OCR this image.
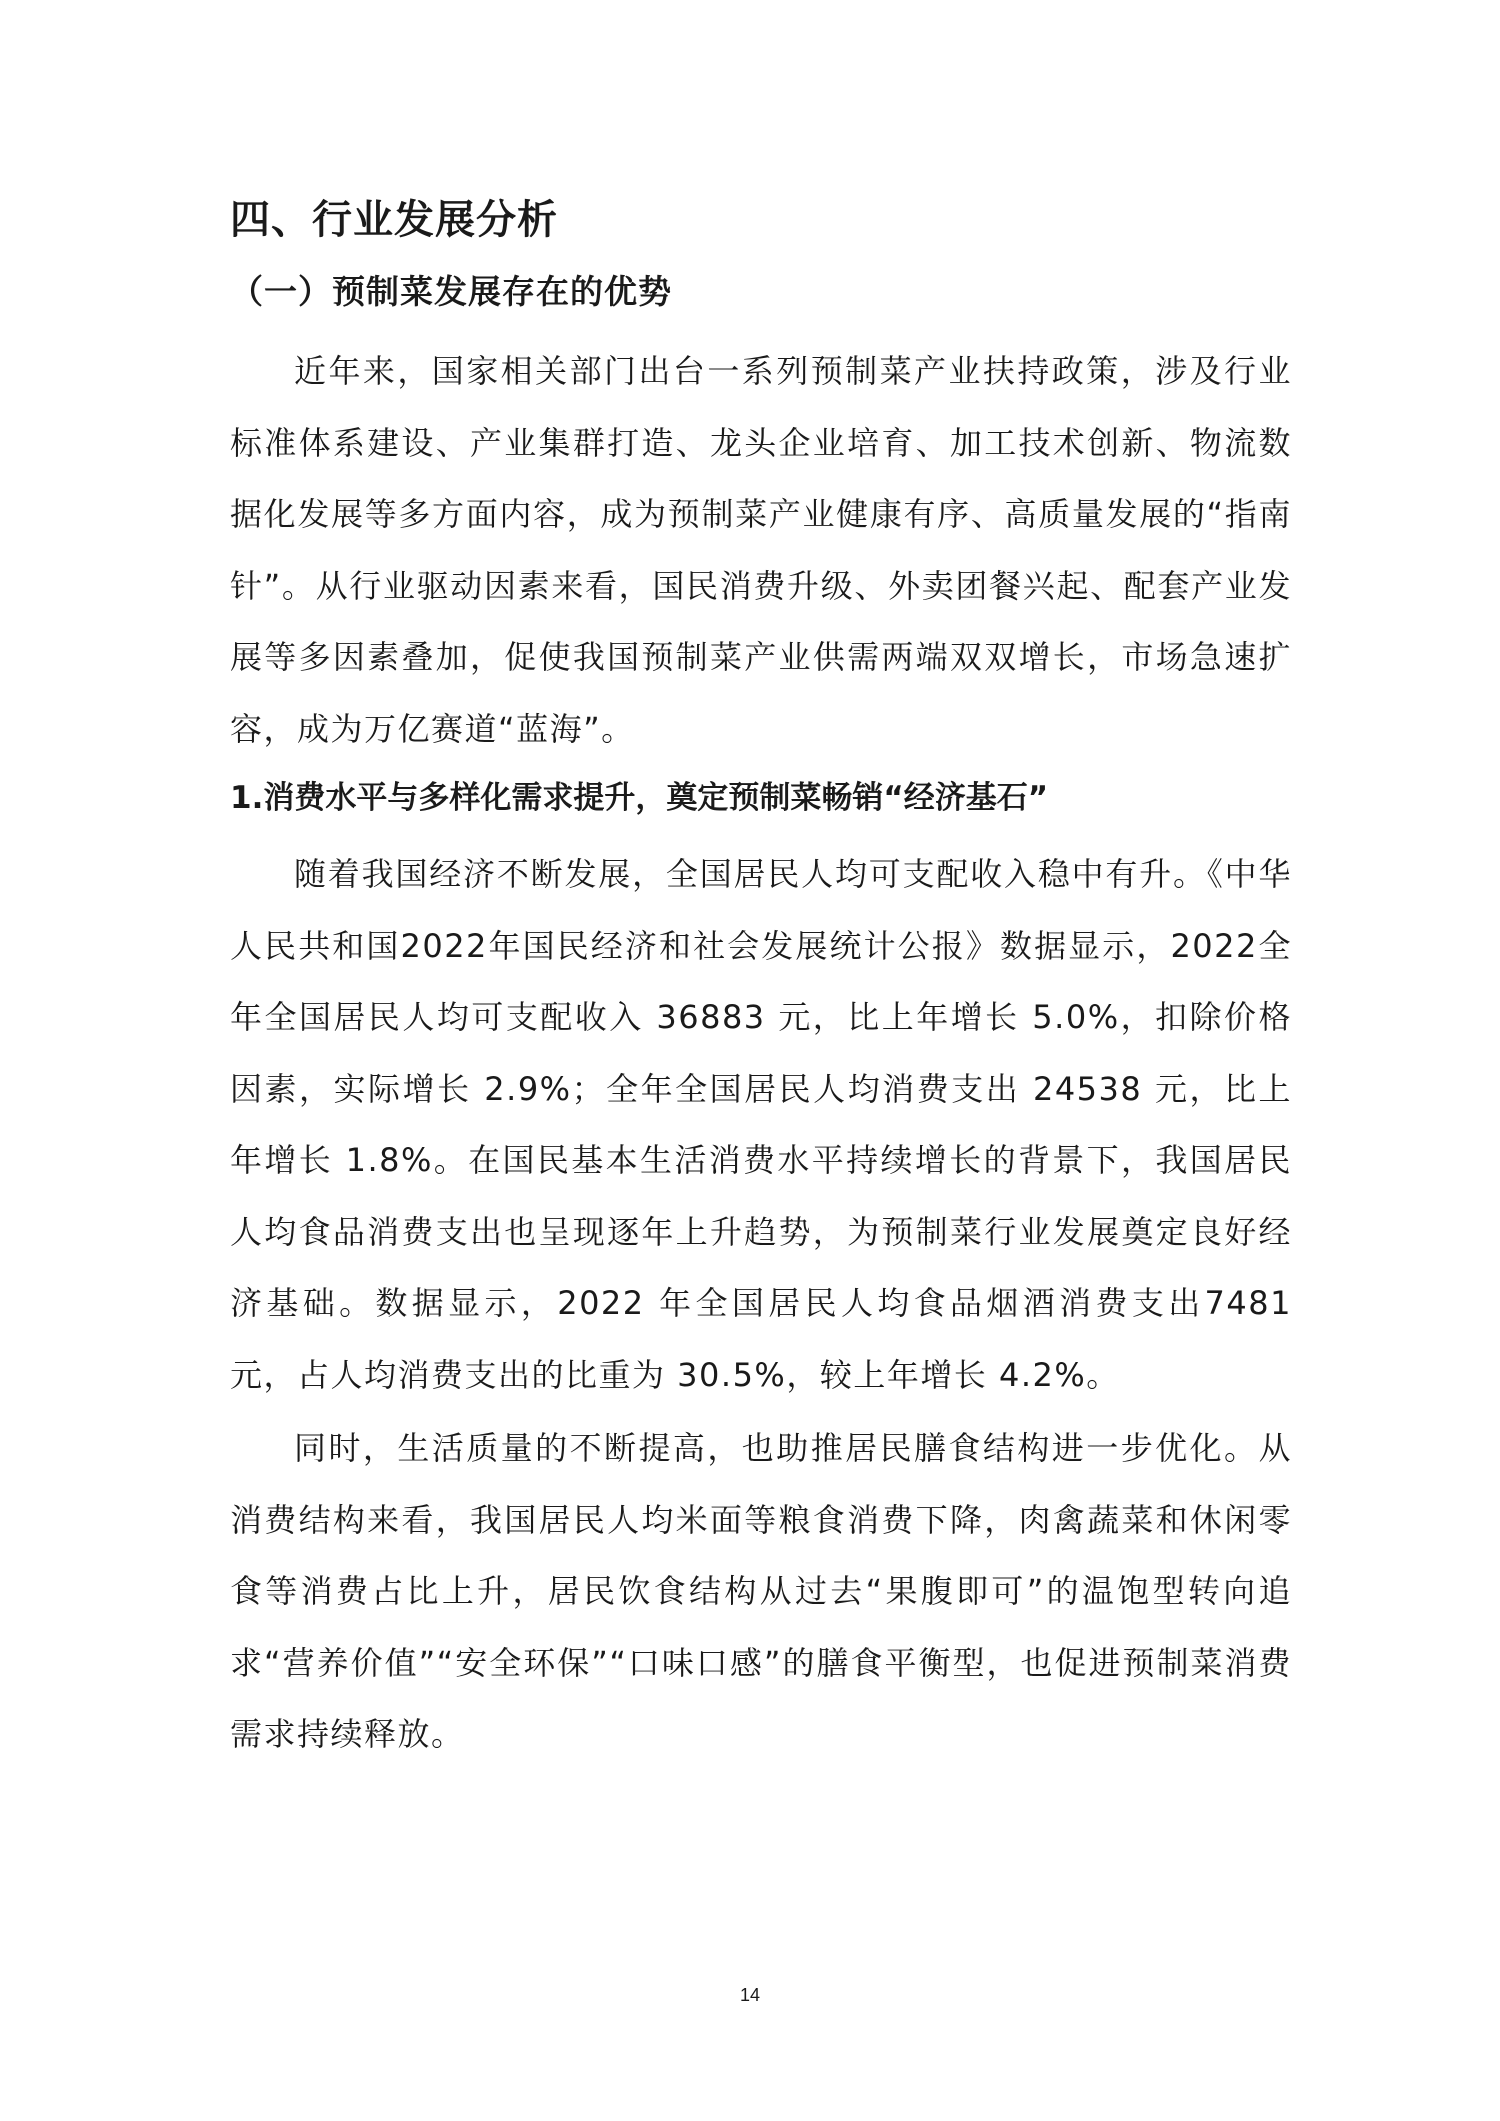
四、行业发展分析
（一）预制菜发展存在的优势

近年来，国家相关部门出台一系列预制菜产业扶持政策，涉及行业标准体系建设、产业集群打造、龙头企业培育、加工技术创新、物流数据化发展等多方面内容，成为预制菜产业健康有序、高质量发展的“指南针”。从行业驱动因素来看，国民消费升级、外卖团餐兴起、配套产业发展等多因素叠加，促使我国预制菜产业供需两端双双增长，市场急速扩容，成为万亿赛道“蓝海”。

1.消费水平与多样化需求提升，奠定预制菜畅销“经济基石”

随着我国经济不断发展，全国居民人均可支配收入稳中有升。《中华人民共和国2022年国民经济和社会发展统计公报》数据显示，2022全年全国居民人均可支配收入 36883 元，比上年增长 5.0%，扣除价格因素，实际增长 2.9%；全年全国居民人均消费支出 24538 元，比上年增长 1.8%。在国民基本生活消费水平持续增长的背景下，我国居民人均食品消费支出也呈现逐年上升趋势，为预制菜行业发展奠定良好经济基础。数据显示，2022 年全国居民人均食品烟酒消费支出7481 元，占人均消费支出的比重为 30.5%，较上年增长 4.2%。

同时，生活质量的不断提高，也助推居民膳食结构进一步优化。从消费结构来看，我国居民人均米面等粮食消费下降，肉禽蔬菜和休闲零食等消费占比上升，居民饮食结构从过去“果腹即可”的温饱型转向追求“营养价值”“安全环保”“口味口感”的膳食平衡型，也促进预制菜消费需求持续释放。

14
